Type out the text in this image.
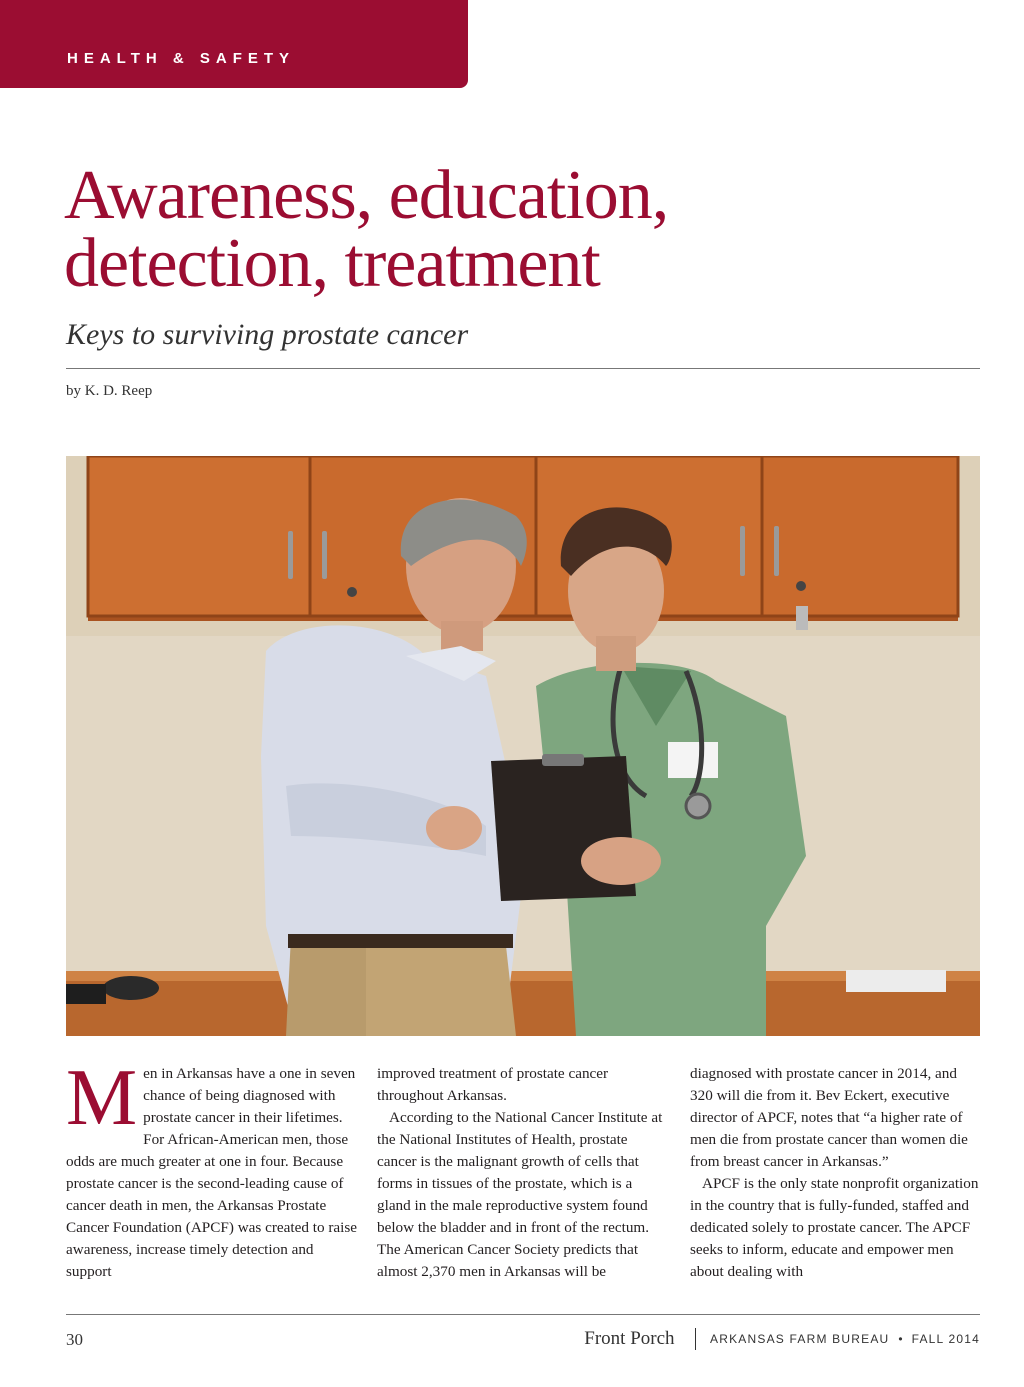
HEALTH & SAFETY
Awareness, education,
detection, treatment
Keys to surviving prostate cancer
by K. D. Reep

M en in Arkansas have a one in seven chance of being diagnosed with prostate cancer in their lifetimes. For African-American men, those odds are much greater at one in four. Because prostate cancer is the second-leading cause of cancer death in men, the Arkansas Prostate Cancer Foundation (APCF) was created to raise awareness, increase timely detection and support

improved treatment of prostate cancer throughout Arkansas.

According to the National Cancer Institute at the National Institutes of Health, prostate cancer is the malignant growth of cells that forms in tissues of the prostate, which is a gland in the male reproductive system found below the bladder and in front of the rectum. The American Cancer Society predicts that almost 2,370 men in Arkansas will be

diagnosed with prostate cancer in 2014, and 320 will die from it. Bev Eckert, executive director of APCF, notes that “a higher rate of men die from prostate cancer than women die from breast cancer in Arkansas.”

APCF is the only state nonprofit organization in the country that is fully-funded, staffed and dedicated solely to prostate cancer. The APCF seeks to inform, educate and empower men about dealing with

30	Front Porch	ARKANSAS FARM BUREAU • FALL 2014
